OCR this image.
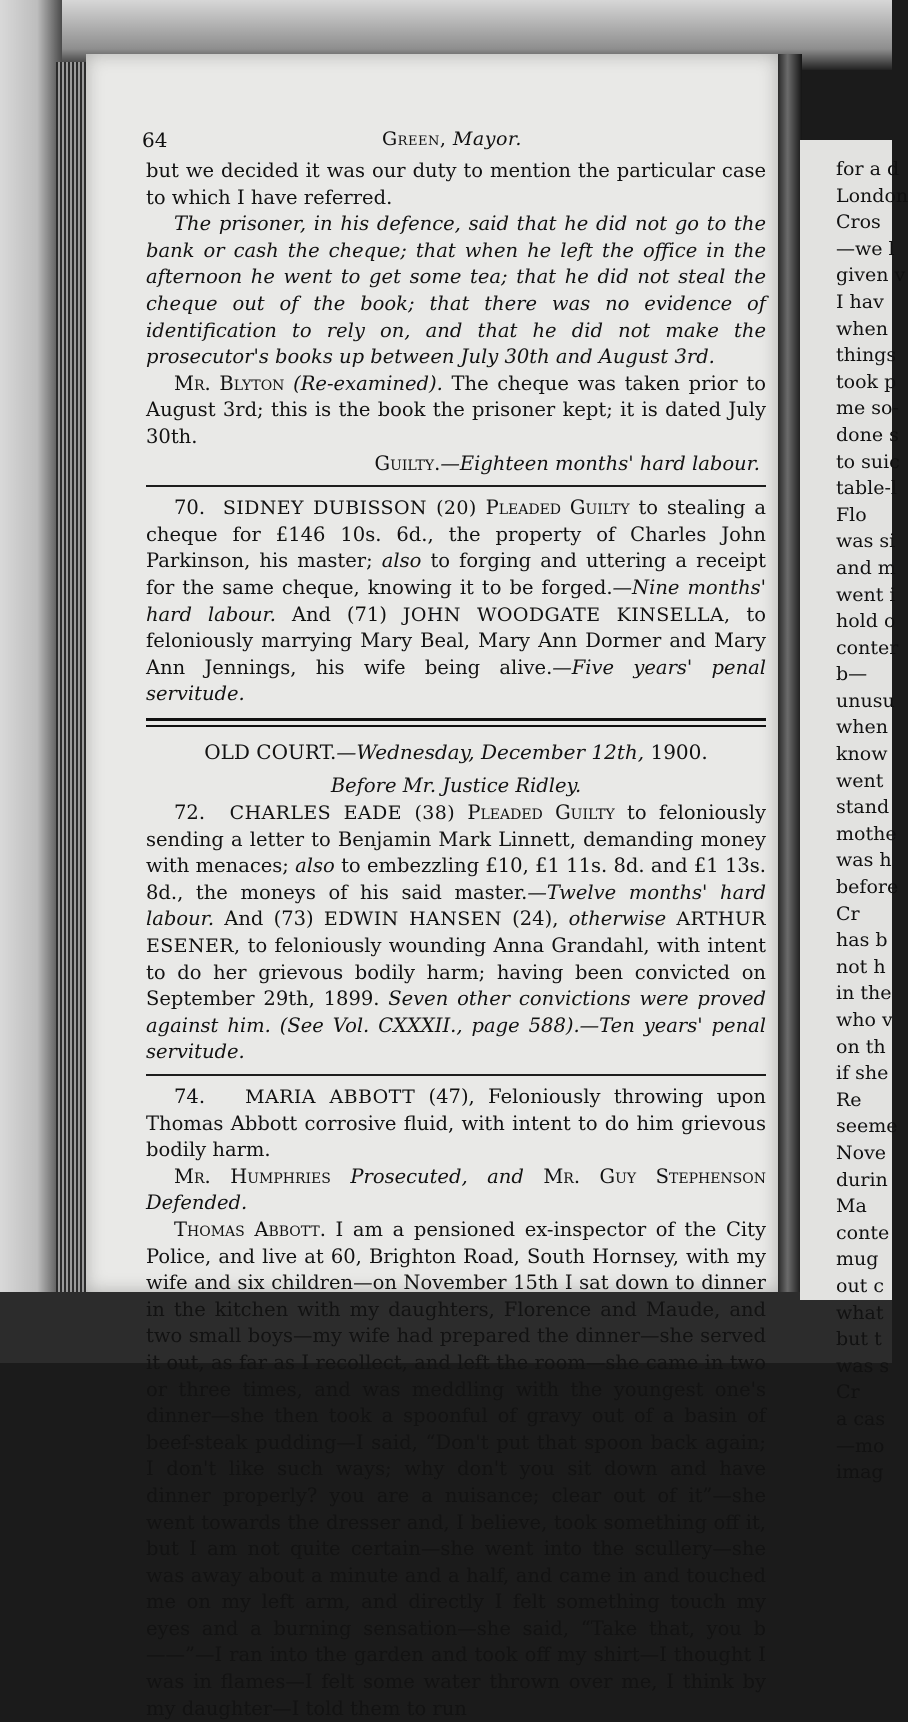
for a d
London
Cros
—we l
given v
I hav
when
things
took p
me so-
done s
to suic
table-l
Flo
was si
and m
went i
hold o
conter
b—
unusu
when
know
went
stand
mothe
was h
before
Cr
has b
not h
in the
who v
on th
if she
Re
seeme
Nove
durin
Ma
conte
mug
out c
what
but t
was s
Cr
a cas
—mo
imag
64	Green, Mayor.

but we decided it was our duty to mention the particular case to which I have referred.

The prisoner, in his defence, said that he did not go to the bank or cash the cheque; that when he left the office in the afternoon he went to get some tea; that he did not steal the cheque out of the book; that there was no evidence of identification to rely on, and that he did not make the prosecutor's books up between July 30th and August 3rd.

Mr. Blyton (Re-examined). The cheque was taken prior to August 3rd; this is the book the prisoner kept; it is dated July 30th.

Guilty.—Eighteen months' hard labour.

70. SIDNEY DUBISSON (20) Pleaded Guilty to stealing a cheque for £146 10s. 6d., the property of Charles John Parkinson, his master; also to forging and uttering a receipt for the same cheque, knowing it to be forged.—Nine months' hard labour. And (71) JOHN WOODGATE KINSELLA, to feloniously marrying Mary Beal, Mary Ann Dormer and Mary Ann Jennings, his wife being alive.—Five years' penal servitude.

OLD COURT.—Wednesday, December 12th, 1900.

Before Mr. Justice Ridley.

72. CHARLES EADE (38) Pleaded Guilty to feloniously sending a letter to Benjamin Mark Linnett, demanding money with menaces; also to embezzling £10, £1 11s. 8d. and £1 13s. 8d., the moneys of his said master.—Twelve months' hard labour. And (73) EDWIN HANSEN (24), otherwise ARTHUR ESENER, to feloniously wounding Anna Grandahl, with intent to do her grievous bodily harm; having been convicted on September 29th, 1899. Seven other convictions were proved against him. (See Vol. CXXXII., page 588).—Ten years' penal servitude.

74. MARIA ABBOTT (47), Feloniously throwing upon Thomas Abbott corrosive fluid, with intent to do him grievous bodily harm.

Mr. Humphries Prosecuted, and Mr. Guy Stephenson Defended.

Thomas Abbott. I am a pensioned ex-inspector of the City Police, and live at 60, Brighton Road, South Hornsey, with my wife and six children—on November 15th I sat down to dinner in the kitchen with my daughters, Florence and Maude, and two small boys—my wife had prepared the dinner—she served it out, as far as I recollect, and left the room—she came in two or three times, and was meddling with the youngest one's dinner—she then took a spoonful of gravy out of a basin of beef-steak pudding—I said, “Don't put that spoon back again; I don't like such ways; why don't you sit down and have dinner properly? you are a nuisance; clear out of it”—she went towards the dresser and, I believe, took something off it, but I am not quite certain—she went into the scullery—she was away about a minute and a half, and came in and touched me on my left arm, and directly I felt something touch my eyes and a burning sensation—she said, “Take that, you b——”—I ran into the garden and took off my shirt—I thought I was in flames—I felt some water thrown over me, I think by my daughter—I told them to run
